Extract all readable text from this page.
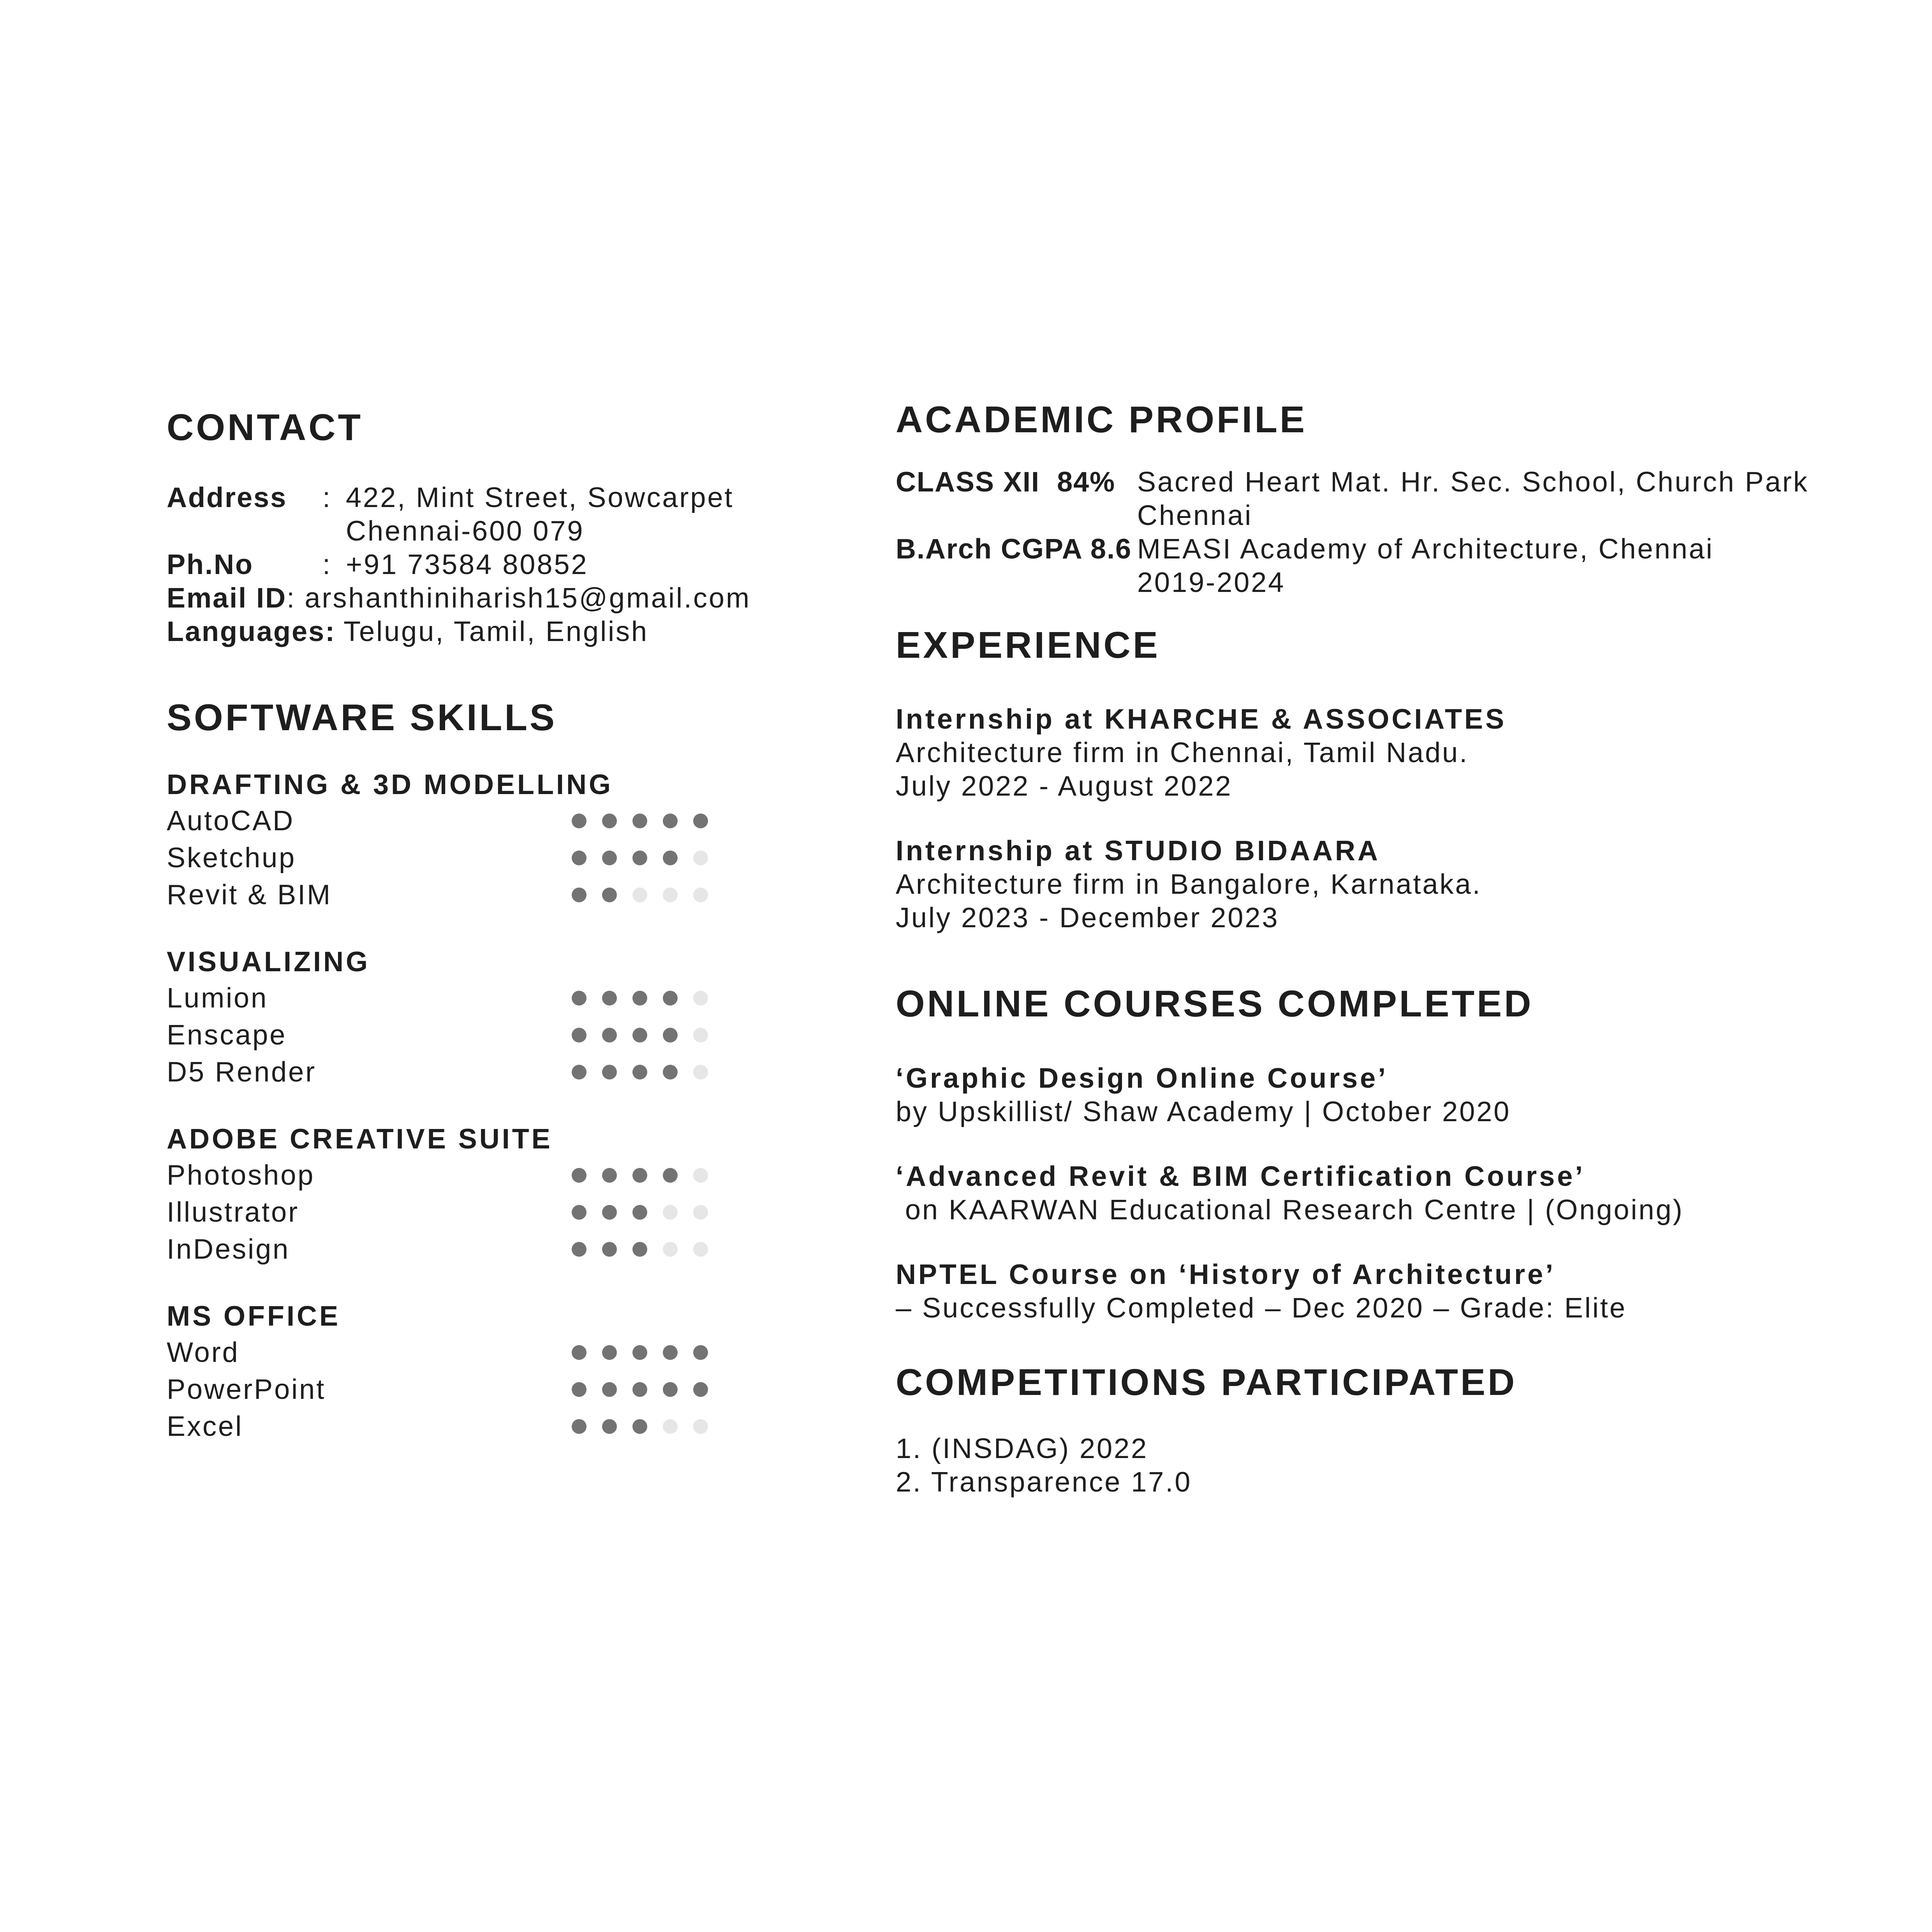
CONTACT
Address	: 422, Mint Street, Sowcarpet
Chennai-600 079
Ph.No	: +91 73584 80852
Email ID : arshanthiniharish15@gmail.com
Languages: Telugu, Tamil, English
SOFTWARE SKILLS
DRAFTING & 3D MODELLING
AutoCAD
Sketchup
Revit & BIM
VISUALIZING
Lumion
Enscape
D5 Render
ADOBE CREATIVE SUITE
Photoshop
Illustrator
InDesign
MS OFFICE
Word
PowerPoint
Excel
ACADEMIC PROFILE
CLASS XII  84% Sacred Heart Mat. Hr. Sec. School, Church Park
Chennai
B.Arch CGPA 8.6 MEASI Academy of Architecture, Chennai
2019-2024
EXPERIENCE
Internship at KHARCHE & ASSOCIATES
Architecture firm in Chennai, Tamil Nadu.
July 2022 - August 2022
Internship at STUDIO BIDAARA
Architecture firm in Bangalore, Karnataka.
July 2023 - December 2023
ONLINE COURSES COMPLETED
‘Graphic Design Online Course’
by Upskillist/ Shaw Academy | October 2020
‘Advanced Revit & BIM Certification Course’
on KAARWAN Educational Research Centre | (Ongoing)
NPTEL Course on ‘History of Architecture’
– Successfully Completed – Dec 2020 – Grade: Elite
COMPETITIONS PARTICIPATED
1. (INSDAG) 2022
2. Transparence 17.0
